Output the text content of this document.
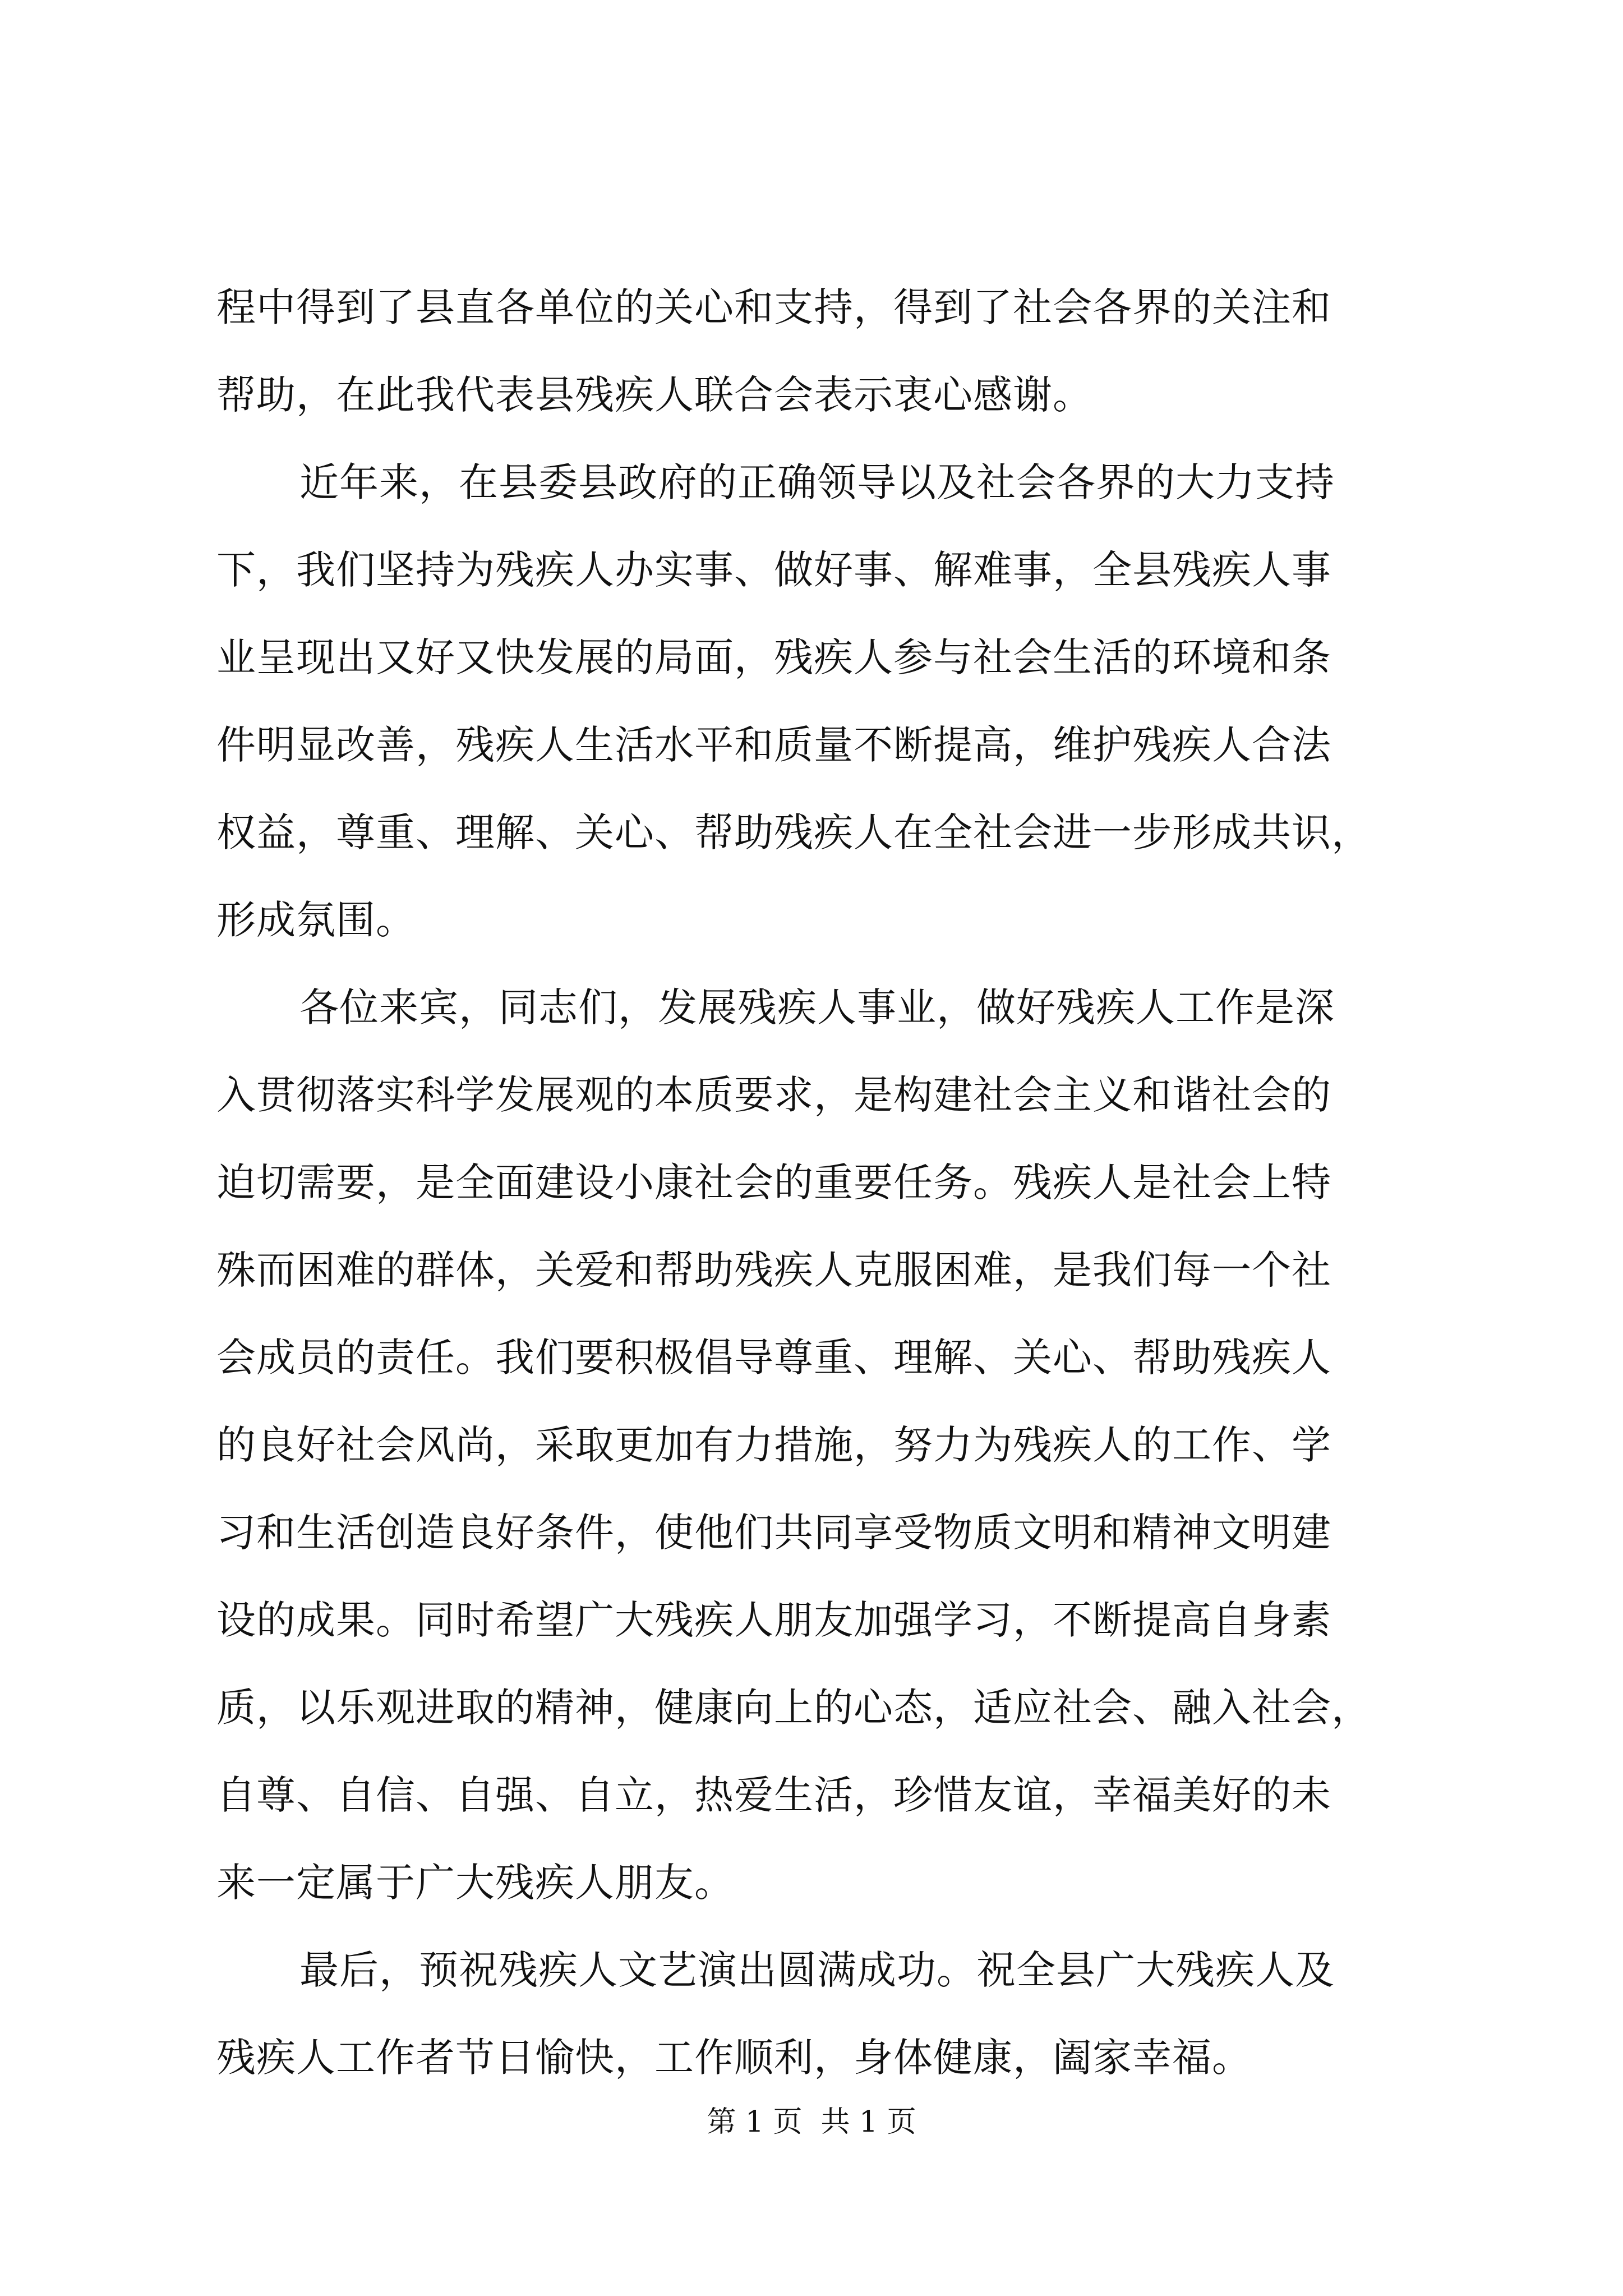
程中得到了县直各单位的关心和支持，得到了社会各界的关注和
帮助，在此我代表县残疾人联合会表示衷心感谢。
近年来，在县委县政府的正确领导以及社会各界的大力支持
下，我们坚持为残疾人办实事、做好事、解难事，全县残疾人事
业呈现出又好又快发展的局面，残疾人参与社会生活的环境和条
件明显改善，残疾人生活水平和质量不断提高，维护残疾人合法
权益，尊重、理解、关心、帮助残疾人在全社会进一步形成共识，
形成氛围。
各位来宾，同志们，发展残疾人事业，做好残疾人工作是深
入贯彻落实科学发展观的本质要求，是构建社会主义和谐社会的
迫切需要，是全面建设小康社会的重要任务。残疾人是社会上特
殊而困难的群体，关爱和帮助残疾人克服困难，是我们每一个社
会成员的责任。我们要积极倡导尊重、理解、关心、帮助残疾人
的良好社会风尚，采取更加有力措施，努力为残疾人的工作、学
习和生活创造良好条件，使他们共同享受物质文明和精神文明建
设的成果。同时希望广大残疾人朋友加强学习，不断提高自身素
质，以乐观进取的精神，健康向上的心态，适应社会、融入社会，
自尊、自信、自强、自立，热爱生活，珍惜友谊，幸福美好的未
来一定属于广大残疾人朋友。
最后，预祝残疾人文艺演出圆满成功。祝全县广大残疾人及
残疾人工作者节日愉快，工作顺利，身体健康，阖家幸福。
第 1 页  共 1 页
